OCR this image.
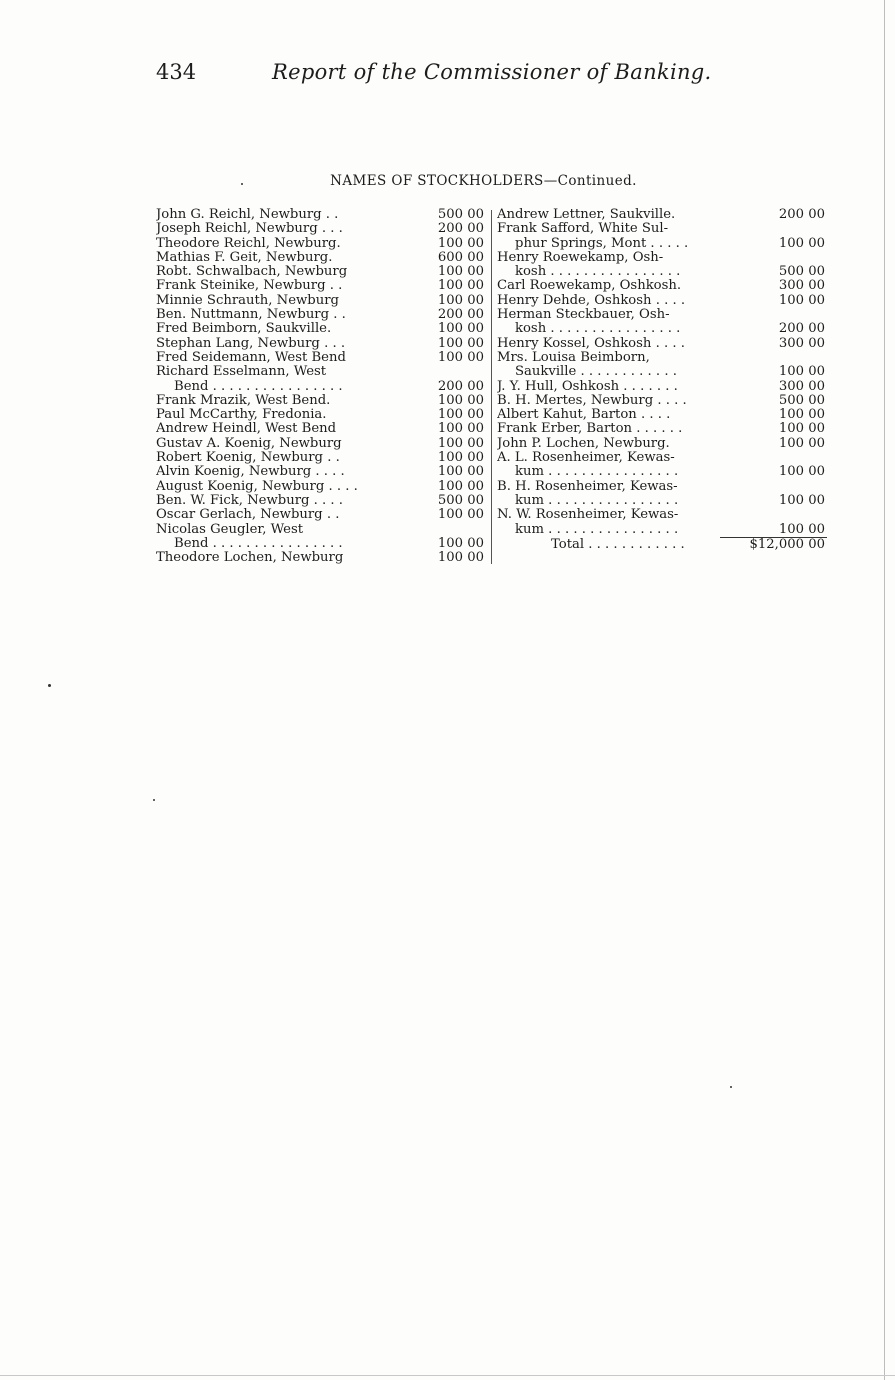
434	Report of the Commissioner of Banking.
NAMES OF STOCKHOLDERS—Continued.
John G. Reichl, Newburg . .	500 00
Joseph Reichl, Newburg . . .	200 00
Theodore Reichl, Newburg.	100 00
Mathias F. Geit, Newburg.	600 00
Robt. Schwalbach, Newburg	100 00
Frank Steinike, Newburg . .	100 00
Minnie Schrauth, Newburg	100 00
Ben. Nuttmann, Newburg . .	200 00
Fred Beimborn, Saukville.	100 00
Stephan Lang, Newburg . . .	100 00
Fred Seidemann, West Bend	100 00
Richard Esselmann, West
Bend . . . . . . . . . . . . . . . .	200 00
Frank Mrazik, West Bend.	100 00
Paul McCarthy, Fredonia.	100 00
Andrew Heindl, West Bend	100 00
Gustav A. Koenig, Newburg	100 00
Robert Koenig, Newburg . .	100 00
Alvin Koenig, Newburg . . . .	100 00
August Koenig, Newburg . . . .	100 00
Ben. W. Fick, Newburg . . . .	500 00
Oscar Gerlach, Newburg . .	100 00
Nicolas Geugler, West
Bend . . . . . . . . . . . . . . . .	100 00
Theodore Lochen, Newburg	100 00
Andrew Lettner, Saukville.	200 00
Frank Safford, White Sul-
phur Springs, Mont . . . . .	100 00
Henry Roewekamp, Osh-
kosh . . . . . . . . . . . . . . . .	500 00
Carl Roewekamp, Oshkosh.	300 00
Henry Dehde, Oshkosh . . . .	100 00
Herman Steckbauer, Osh-
kosh . . . . . . . . . . . . . . . .	200 00
Henry Kossel, Oshkosh . . . .	300 00
Mrs. Louisa Beimborn,
Saukville . . . . . . . . . . . .	100 00
J. Y. Hull, Oshkosh . . . . . . .	300 00
B. H. Mertes, Newburg . . . .	500 00
Albert Kahut, Barton . . . .	100 00
Frank Erber, Barton . . . . . .	100 00
John P. Lochen, Newburg.	100 00
A. L. Rosenheimer, Kewas-
kum . . . . . . . . . . . . . . . .	100 00
B. H. Rosenheimer, Kewas-
kum . . . . . . . . . . . . . . . .	100 00
N. W. Rosenheimer, Kewas-
kum . . . . . . . . . . . . . . . .	100 00
Total . . . . . . . . . . . .	$12,000 00
